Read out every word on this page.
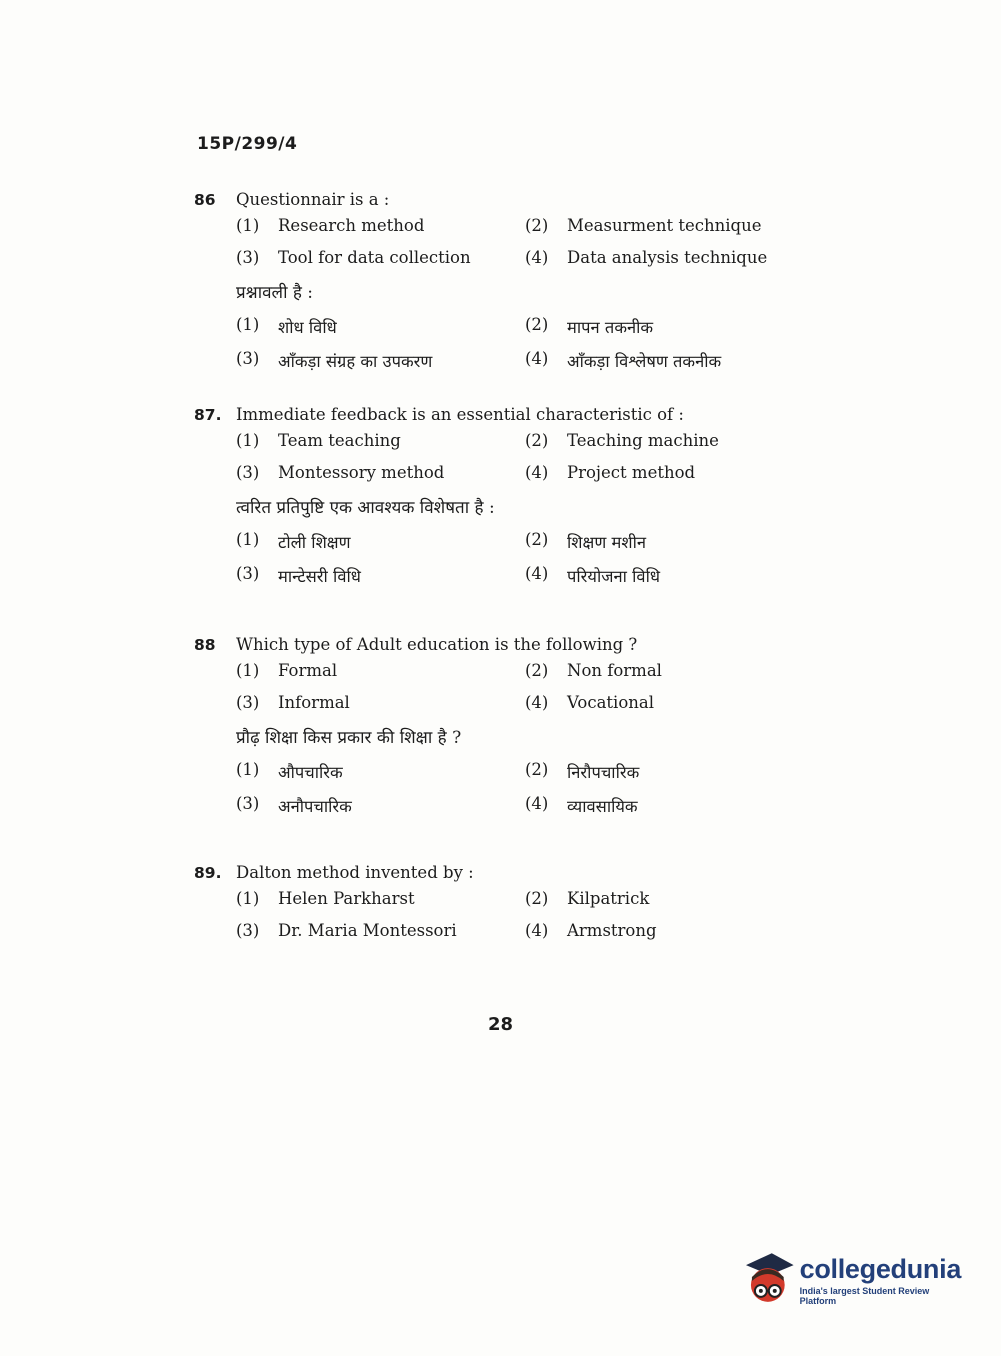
15P/299/4
86	Questionnair is a :
(1)	Research method	(2)	Measurment technique
(3)	Tool for data collection	(4)	Data analysis technique
प्रश्नावली है :
(1)	शोध विधि	(2)	मापन तकनीक
(3)	आँकड़ा संग्रह का उपकरण	(4)	आँकड़ा विश्लेषण तकनीक
87. Immediate feedback is an essential characteristic of :
(1)	Team teaching	(2)	Teaching machine
(3)	Montessory method	(4)	Project method
त्वरित प्रतिपुष्टि एक आवश्यक विशेषता है :
(1)	टोली शिक्षण	(2)	शिक्षण मशीन
(3)	मान्टेसरी विधि	(4)	परियोजना विधि
88	Which type of Adult education is the following ?
(1)	Formal	(2)	Non formal
(3)	Informal	(4)	Vocational
प्रौढ़ शिक्षा किस प्रकार की शिक्षा है ?
(1)	औपचारिक	(2)	निरौपचारिक
(3)	अनौपचारिक	(4)	व्यावसायिक
89. Dalton method invented by :
(1)	Helen Parkharst	(2)	Kilpatrick
(3)	Dr. Maria Montessori	(4)	Armstrong
28
collegedunia
India's largest Student Review Platform
